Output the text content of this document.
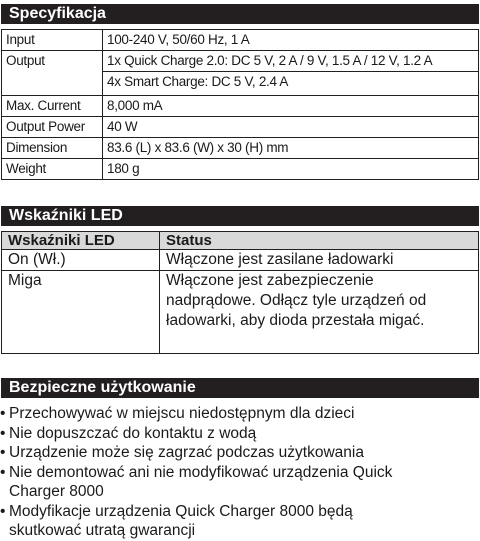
Specyfikacja
Input	100-240 V, 50/60 Hz, 1 A
Output	1x Quick Charge 2.0: DC 5 V, 2 A / 9 V, 1.5 A / 12 V, 1.2 A
	4x Smart Charge: DC 5 V, 2.4 A
Max. Current	8,000 mA
Output Power	40 W
Dimension	83.6 (L) x 83.6 (W) x 30 (H) mm
Weight	180 g
Wskaźniki LED
Wskaźniki LED	Status
On (Wł.)	Włączone jest zasilane ładowarki
Miga	Włączone jest zabezpieczenie nadprądowe. Odłącz tyle urządzeń od ładowarki, aby dioda przestała migać.
Bezpieczne użytkowanie
• Przechowywać w miejscu niedostępnym dla dzieci
• Nie dopuszczać do kontaktu z wodą
• Urządzenie może się zagrzać podczas użytkowania
• Nie demontować ani nie modyfikować urządzenia Quick Charger 8000
• Modyfikacje urządzenia Quick Charger 8000 będą skutkować utratą gwarancji
